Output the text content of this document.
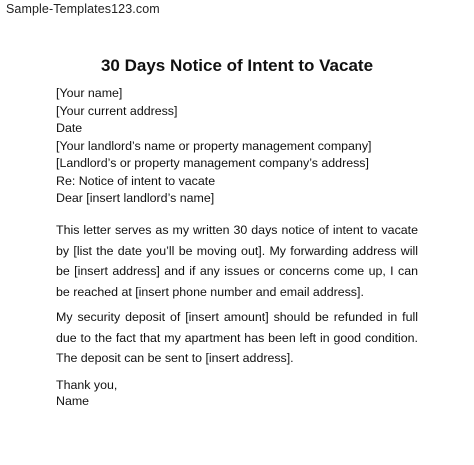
Sample-Templates123.com
30 Days Notice of Intent to Vacate
[Your name]
[Your current address]
Date
[Your landlord’s name or property management company]
[Landlord’s or property management company’s address]
Re: Notice of intent to vacate
Dear [insert landlord’s name]
This letter serves as my written 30 days notice of intent to vacate by [list the date you’ll be moving out]. My forwarding address will be [insert address] and if any issues or concerns come up, I can be reached at [insert phone number and email address].
My security deposit of [insert amount] should be refunded in full due to the fact that my apartment has been left in good condition. The deposit can be sent to [insert address].
Thank you,
Name
